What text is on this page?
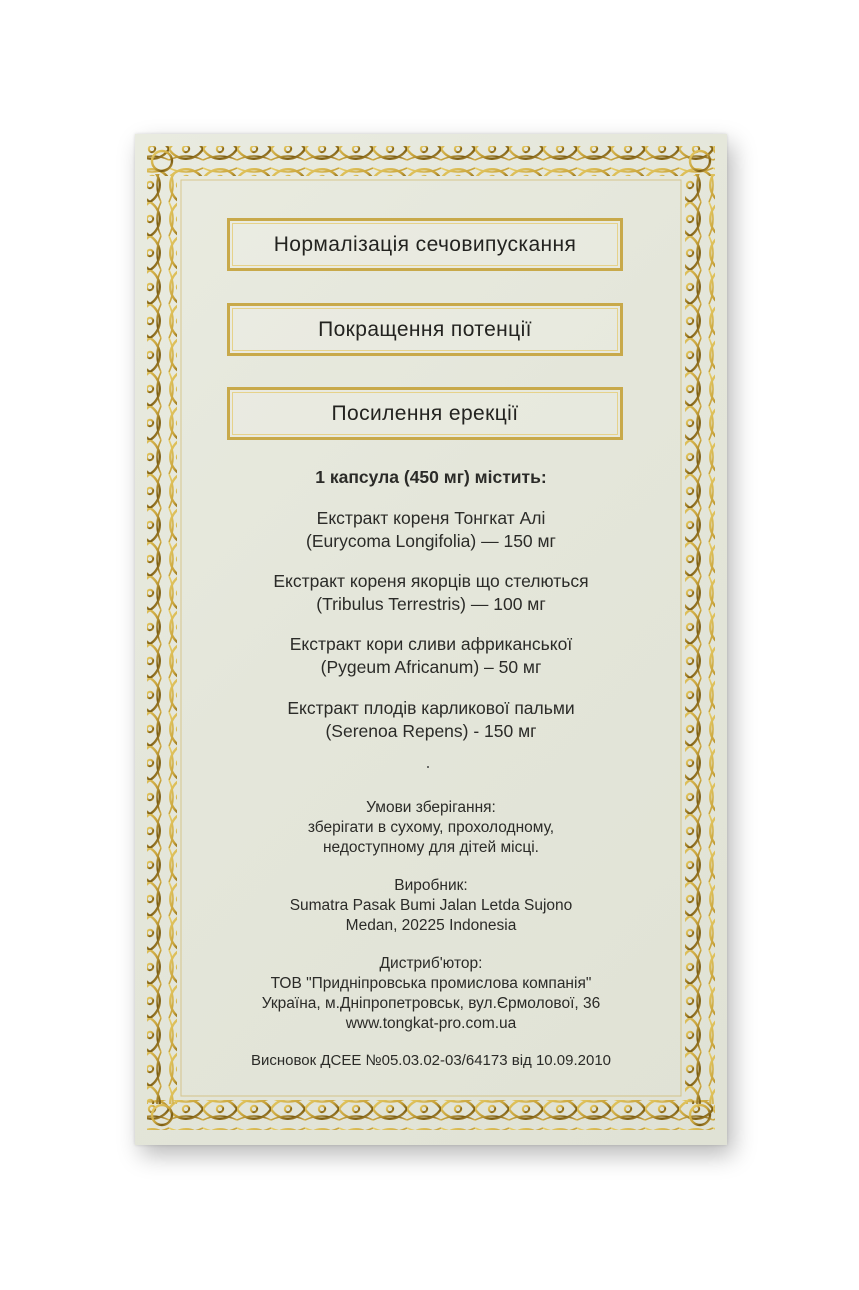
Нормалізація сечовипускання
Покращення потенції
Посилення ерекції
1 капсула (450 мг) містить:
Екстракт кореня Тонгкат Алі
(Eurycoma Longifolia) — 150 мг
Екстракт кореня якорців що стелються
(Tribulus Terrestris) — 100 мг
Екстракт кори сливи африканської
(Pygeum Africanum) – 50 мг
Екстракт плодів карликової пальми
(Serenoa Repens) - 150 мг
Умови зберігання:
зберігати в сухому, прохолодному,
недоступному для дітей місці.
Виробник:
Sumatra Pasak Bumi Jalan Letda Sujono
Medan, 20225 Indonesia
Дистриб'ютор:
ТОВ "Придніпровська промислова компанія"
Україна, м.Дніпропетровськ, вул.Єрмолової, 36
www.tongkat-pro.com.ua
Висновок ДСЕЕ №05.03.02-03/64173 від 10.09.2010
